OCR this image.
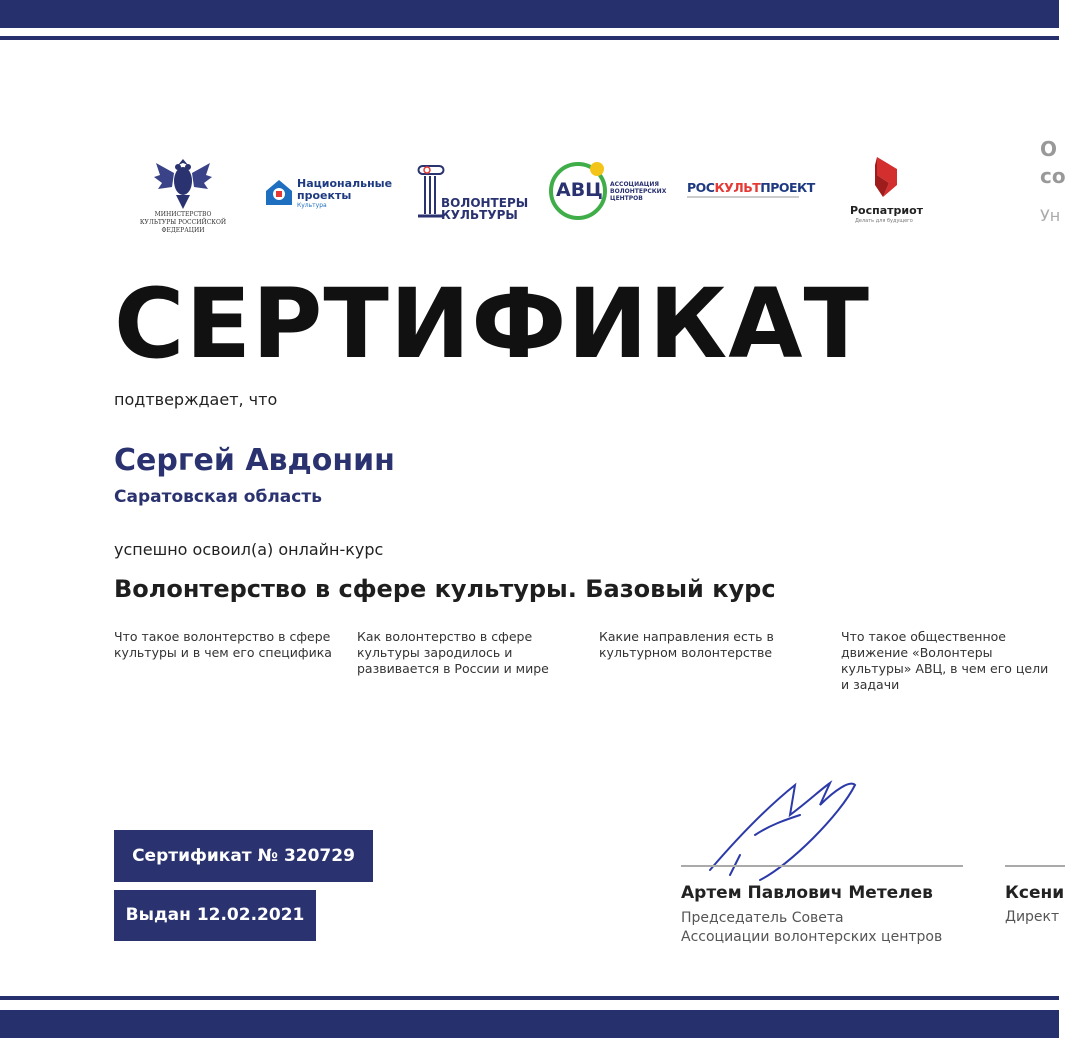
МИНИСТЕРСТВО КУЛЬТУРЫ РОССИЙСКОЙ ФЕДЕРАЦИИ
Национальные
проекты
Культура	ВОЛОНТЕРЫ
КУЛЬТУРЫ
АВЦ АССОЦИАЦИЯ ВОЛОНТЕРСКИХ ЦЕНТРОВ
РОСКУЛЬТПРОЕКТ
Роспатриот
Делать для будущего
О
со
Ун
СЕРТИФИКАТ
подтверждает, что
Сергей Авдонин
Саратовская область
успешно освоил(а) онлайн-курс
Волонтерство в сфере культуры. Базовый курс
Что такое волонтерство в сфере культуры и в чем его специфика
Как волонтерство в сфере культуры зародилось и развивается в России и мире
Какие направления есть в культурном волонтерстве
Что такое общественное движение «Волонтеры культуры» АВЦ, в чем его цели и задачи
Сертификат № 320729
Выдан 12.02.2021
Артем Павлович Метелев
Председатель Совета
Ассоциации волонтерских центров
Ксени
Директ
